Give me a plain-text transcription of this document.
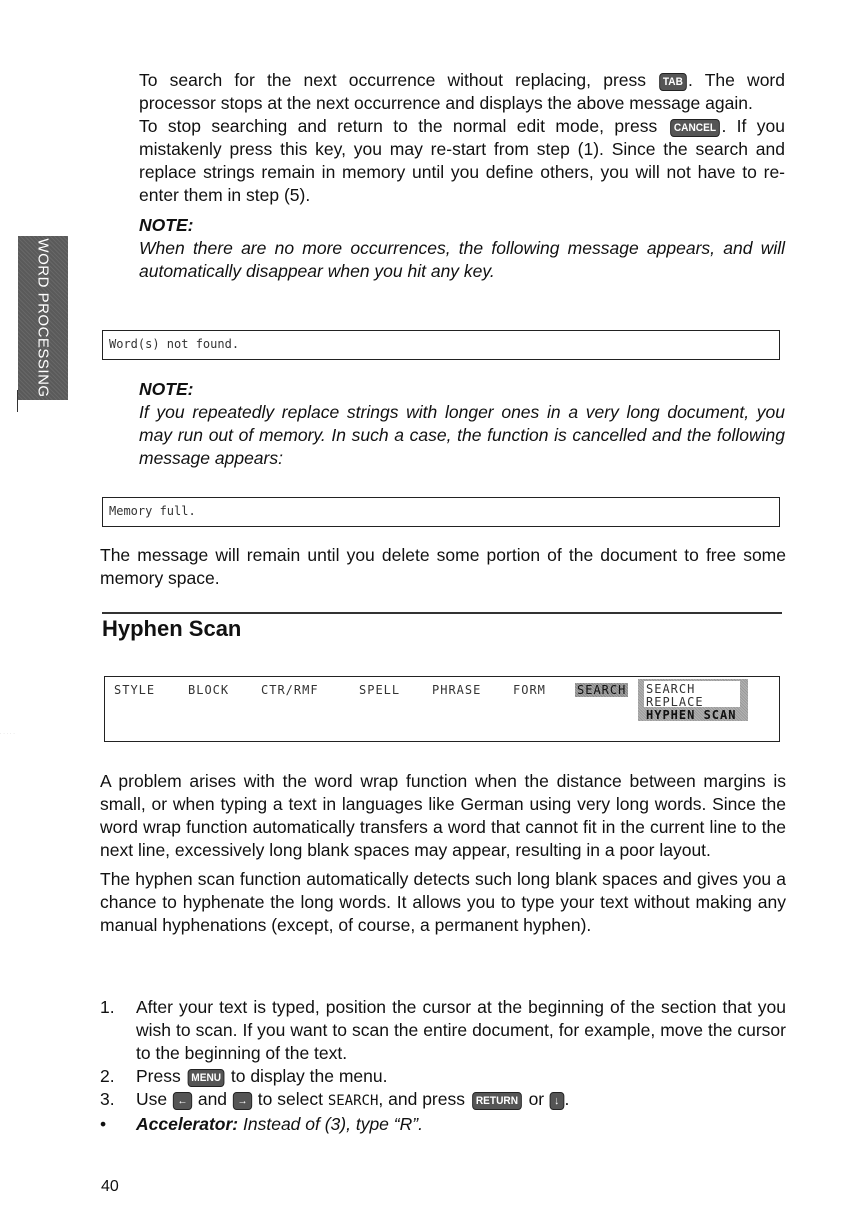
WORD PROCESSING

To search for the next occurrence without replacing, press TAB . The word processor stops at the next occurrence and displays the above message again.

To stop searching and return to the normal edit mode, press CANCEL . If you mistakenly press this key, you may re-start from step (1). Since the search and replace strings remain in memory until you define others, you will not have to re-enter them in step (5).

NOTE:

When there are no more occurrences, the following message appears, and will automatically disappear when you hit any key.

Word(s) not found.

NOTE:

If you repeatedly replace strings with longer ones in a very long document, you may run out of memory. In such a case, the function is cancelled and the following message appears:

Memory full.
The message will remain until you delete some portion of the document to free some memory space.
Hyphen Scan
STYLE	BLOCK	CTR/RMF	SPELL	PHRASE	FORM	SEARCH SEARCH
REPLACE
HYPHEN SCAN
·····
A problem arises with the word wrap function when the distance between margins is small, or when typing a text in languages like German using very long words. Since the word wrap function automatically transfers a word that cannot fit in the current line to the next line, excessively long blank spaces may appear, resulting in a poor layout.
The hyphen scan function automatically detects such long blank spaces and gives you a chance to hyphenate the long words. It allows you to type your text without making any manual hyphenations (except, of course, a permanent hyphen).
1. After your text is typed, position the cursor at the beginning of the section that you wish to scan. If you want to scan the entire document, for example, move the cursor to the beginning of the text.
2. Press MENU to display the menu.
3. Use ← and → to select SEARCH, and press RETURN or ↓ .
• Accelerator: Instead of (3), type “R”.
40
